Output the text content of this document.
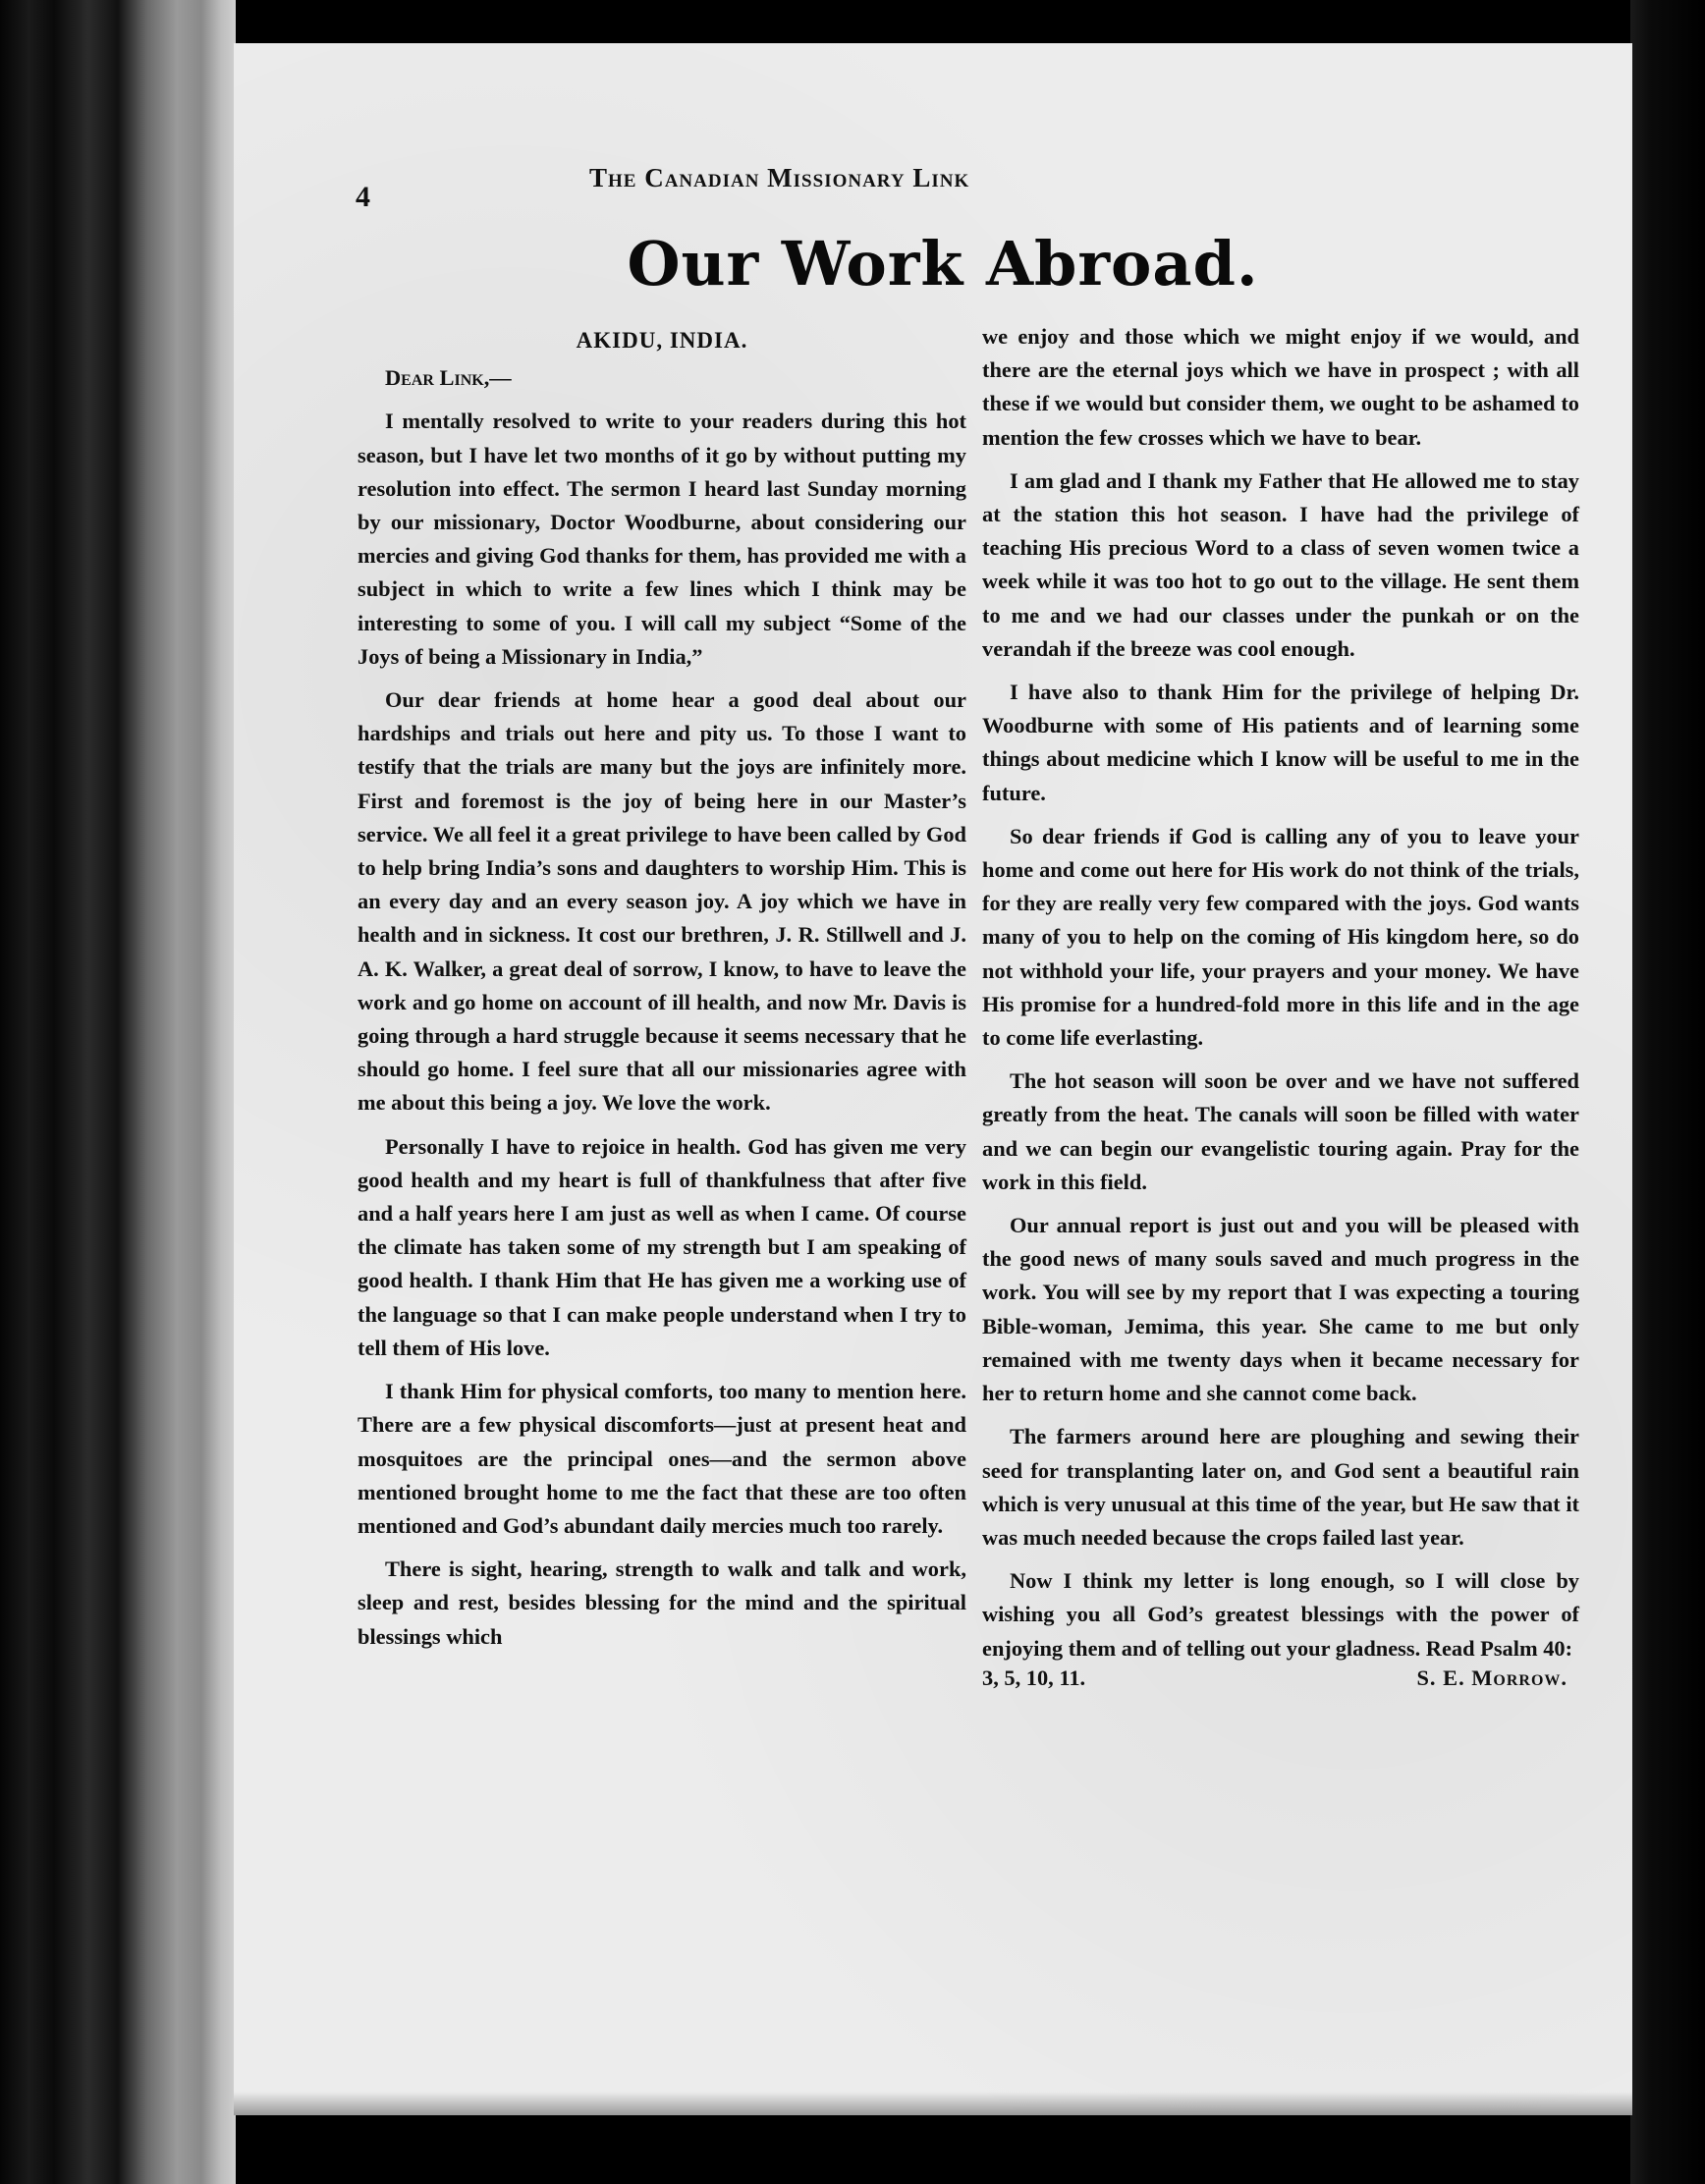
4
The Canadian Missionary Link
Our Work Abroad.
AKIDU, INDIA.

Dear Link,—

I mentally resolved to write to your readers during this hot season, but I have let two months of it go by without putting my resolution into effect. The sermon I heard last Sunday morning by our missionary, Doctor Woodburne, about considering our mercies and giving God thanks for them, has provided me with a subject in which to write a few lines which I think may be interesting to some of you. I will call my subject “Some of the Joys of being a Missionary in India,”

Our dear friends at home hear a good deal about our hardships and trials out here and pity us. To those I want to testify that the trials are many but the joys are infinitely more. First and foremost is the joy of being here in our Master’s service. We all feel it a great privilege to have been called by God to help bring India’s sons and daughters to worship Him. This is an every day and an every season joy. A joy which we have in health and in sickness. It cost our brethren, J. R. Stillwell and J. A. K. Walker, a great deal of sorrow, I know, to have to leave the work and go home on account of ill health, and now Mr. Davis is going through a hard struggle because it seems necessary that he should go home. I feel sure that all our missionaries agree with me about this being a joy. We love the work.

Personally I have to rejoice in health. God has given me very good health and my heart is full of thankfulness that after five and a half years here I am just as well as when I came. Of course the climate has taken some of my strength but I am speaking of good health. I thank Him that He has given me a working use of the language so that I can make people understand when I try to tell them of His love.

I thank Him for physical comforts, too many to mention here. There are a few physical discomforts—just at present heat and mosquitoes are the principal ones—and the sermon above mentioned brought home to me the fact that these are too often mentioned and God’s abundant daily mercies much too rarely.

There is sight, hearing, strength to walk and talk and work, sleep and rest, besides blessing for the mind and the spiritual blessings which

we enjoy and those which we might enjoy if we would, and there are the eternal joys which we have in prospect ; with all these if we would but consider them, we ought to be ashamed to mention the few crosses which we have to bear.

I am glad and I thank my Father that He allowed me to stay at the station this hot season. I have had the privilege of teaching His precious Word to a class of seven women twice a week while it was too hot to go out to the village. He sent them to me and we had our classes under the punkah or on the verandah if the breeze was cool enough.

I have also to thank Him for the privilege of helping Dr. Woodburne with some of His patients and of learning some things about medicine which I know will be useful to me in the future.

So dear friends if God is calling any of you to leave your home and come out here for His work do not think of the trials, for they are really very few compared with the joys. God wants many of you to help on the coming of His kingdom here, so do not withhold your life, your prayers and your money. We have His promise for a hundred-fold more in this life and in the age to come life everlasting.

The hot season will soon be over and we have not suffered greatly from the heat. The canals will soon be filled with water and we can begin our evangelistic touring again. Pray for the work in this field.

Our annual report is just out and you will be pleased with the good news of many souls saved and much progress in the work. You will see by my report that I was expecting a touring Bible-woman, Jemima, this year. She came to me but only remained with me twenty days when it became necessary for her to return home and she cannot come back.

The farmers around here are ploughing and sewing their seed for transplanting later on, and God sent a beautiful rain which is very unusual at this time of the year, but He saw that it was much needed because the crops failed last year.

Now I think my letter is long enough, so I will close by wishing you all God’s greatest blessings with the power of enjoying them and of telling out your gladness. Read Psalm 40:

3, 5, 10, 11.	S. E. Morrow.
